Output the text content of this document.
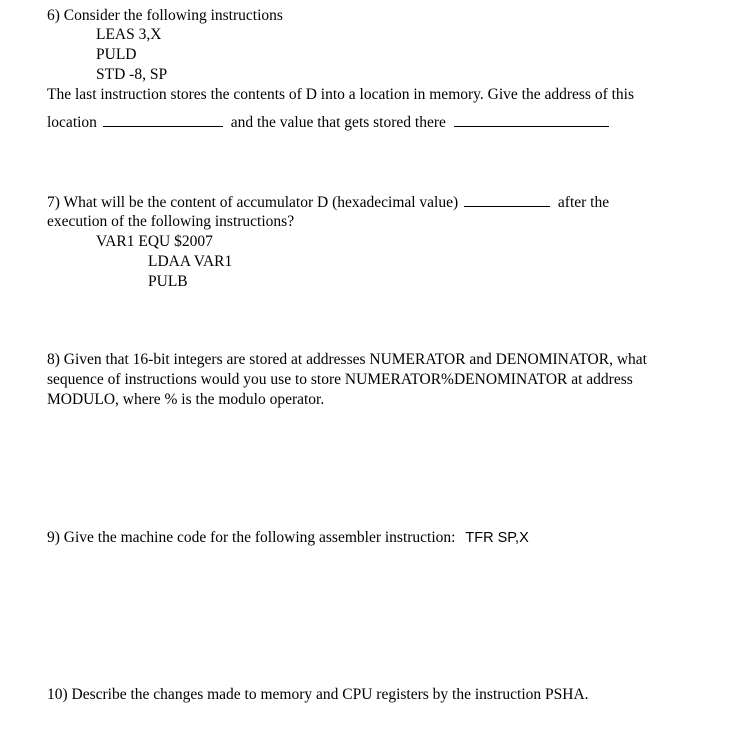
6) Consider the following instructions
LEAS 3,X
PULD
STD -8, SP
The last instruction stores the contents of D into a location in memory. Give the address of this
location	and the value that gets stored there
7) What will be the content of accumulator D (hexadecimal value)	after the
execution of the following instructions?
VAR1 EQU $2007
LDAA VAR1
PULB
8) Given that 16-bit integers are stored at addresses NUMERATOR and DENOMINATOR, what
sequence of instructions would you use to store NUMERATOR%DENOMINATOR at address
MODULO, where % is the modulo operator.
9) Give the machine code for the following assembler instruction: TFR SP,X
10) Describe the changes made to memory and CPU registers by the instruction PSHA.
